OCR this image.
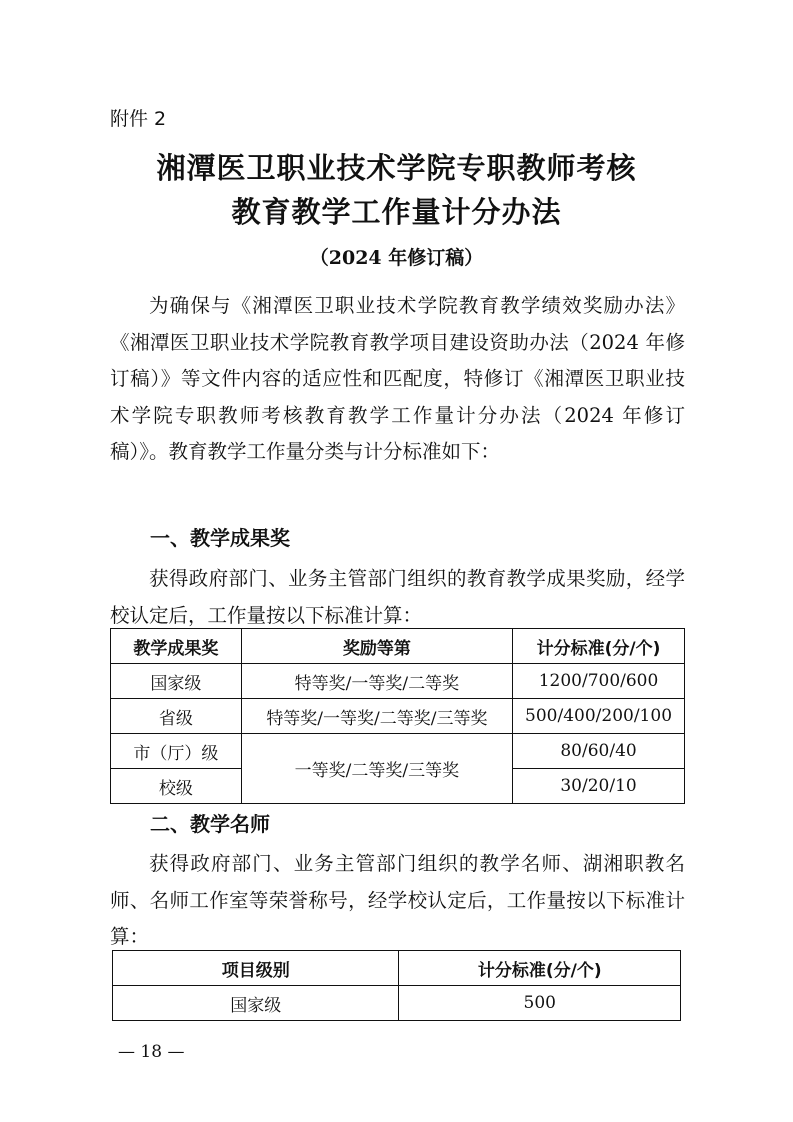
附件 2
湘潭医卫职业技术学院专职教师考核
教育教学工作量计分办法
（2024 年修订稿）

为确保与《湘潭医卫职业技术学院教育教学绩效奖励办法》《湘潭医卫职业技术学院教育教学项目建设资助办法（2024 年修订稿）》等文件内容的适应性和匹配度，特修订《湘潭医卫职业技术学院专职教师考核教育教学工作量计分办法（2024 年修订稿）》。教育教学工作量分类与计分标准如下：

一、教学成果奖

获得政府部门、业务主管部门组织的教育教学成果奖励，经学校认定后，工作量按以下标准计算：

教学成果奖	奖励等第	计分标准(分/个)
国家级	特等奖/一等奖/二等奖	1200/700/600
省级	特等奖/一等奖/二等奖/三等奖	500/400/200/100
市（厅）级	一等奖/二等奖/三等奖	80/60/40
校级		30/20/10
二、教学名师

获得政府部门、业务主管部门组织的教学名师、湖湘职教名师、名师工作室等荣誉称号，经学校认定后，工作量按以下标准计算：

项目级别	计分标准(分/个)
国家级	500
— 18 —
